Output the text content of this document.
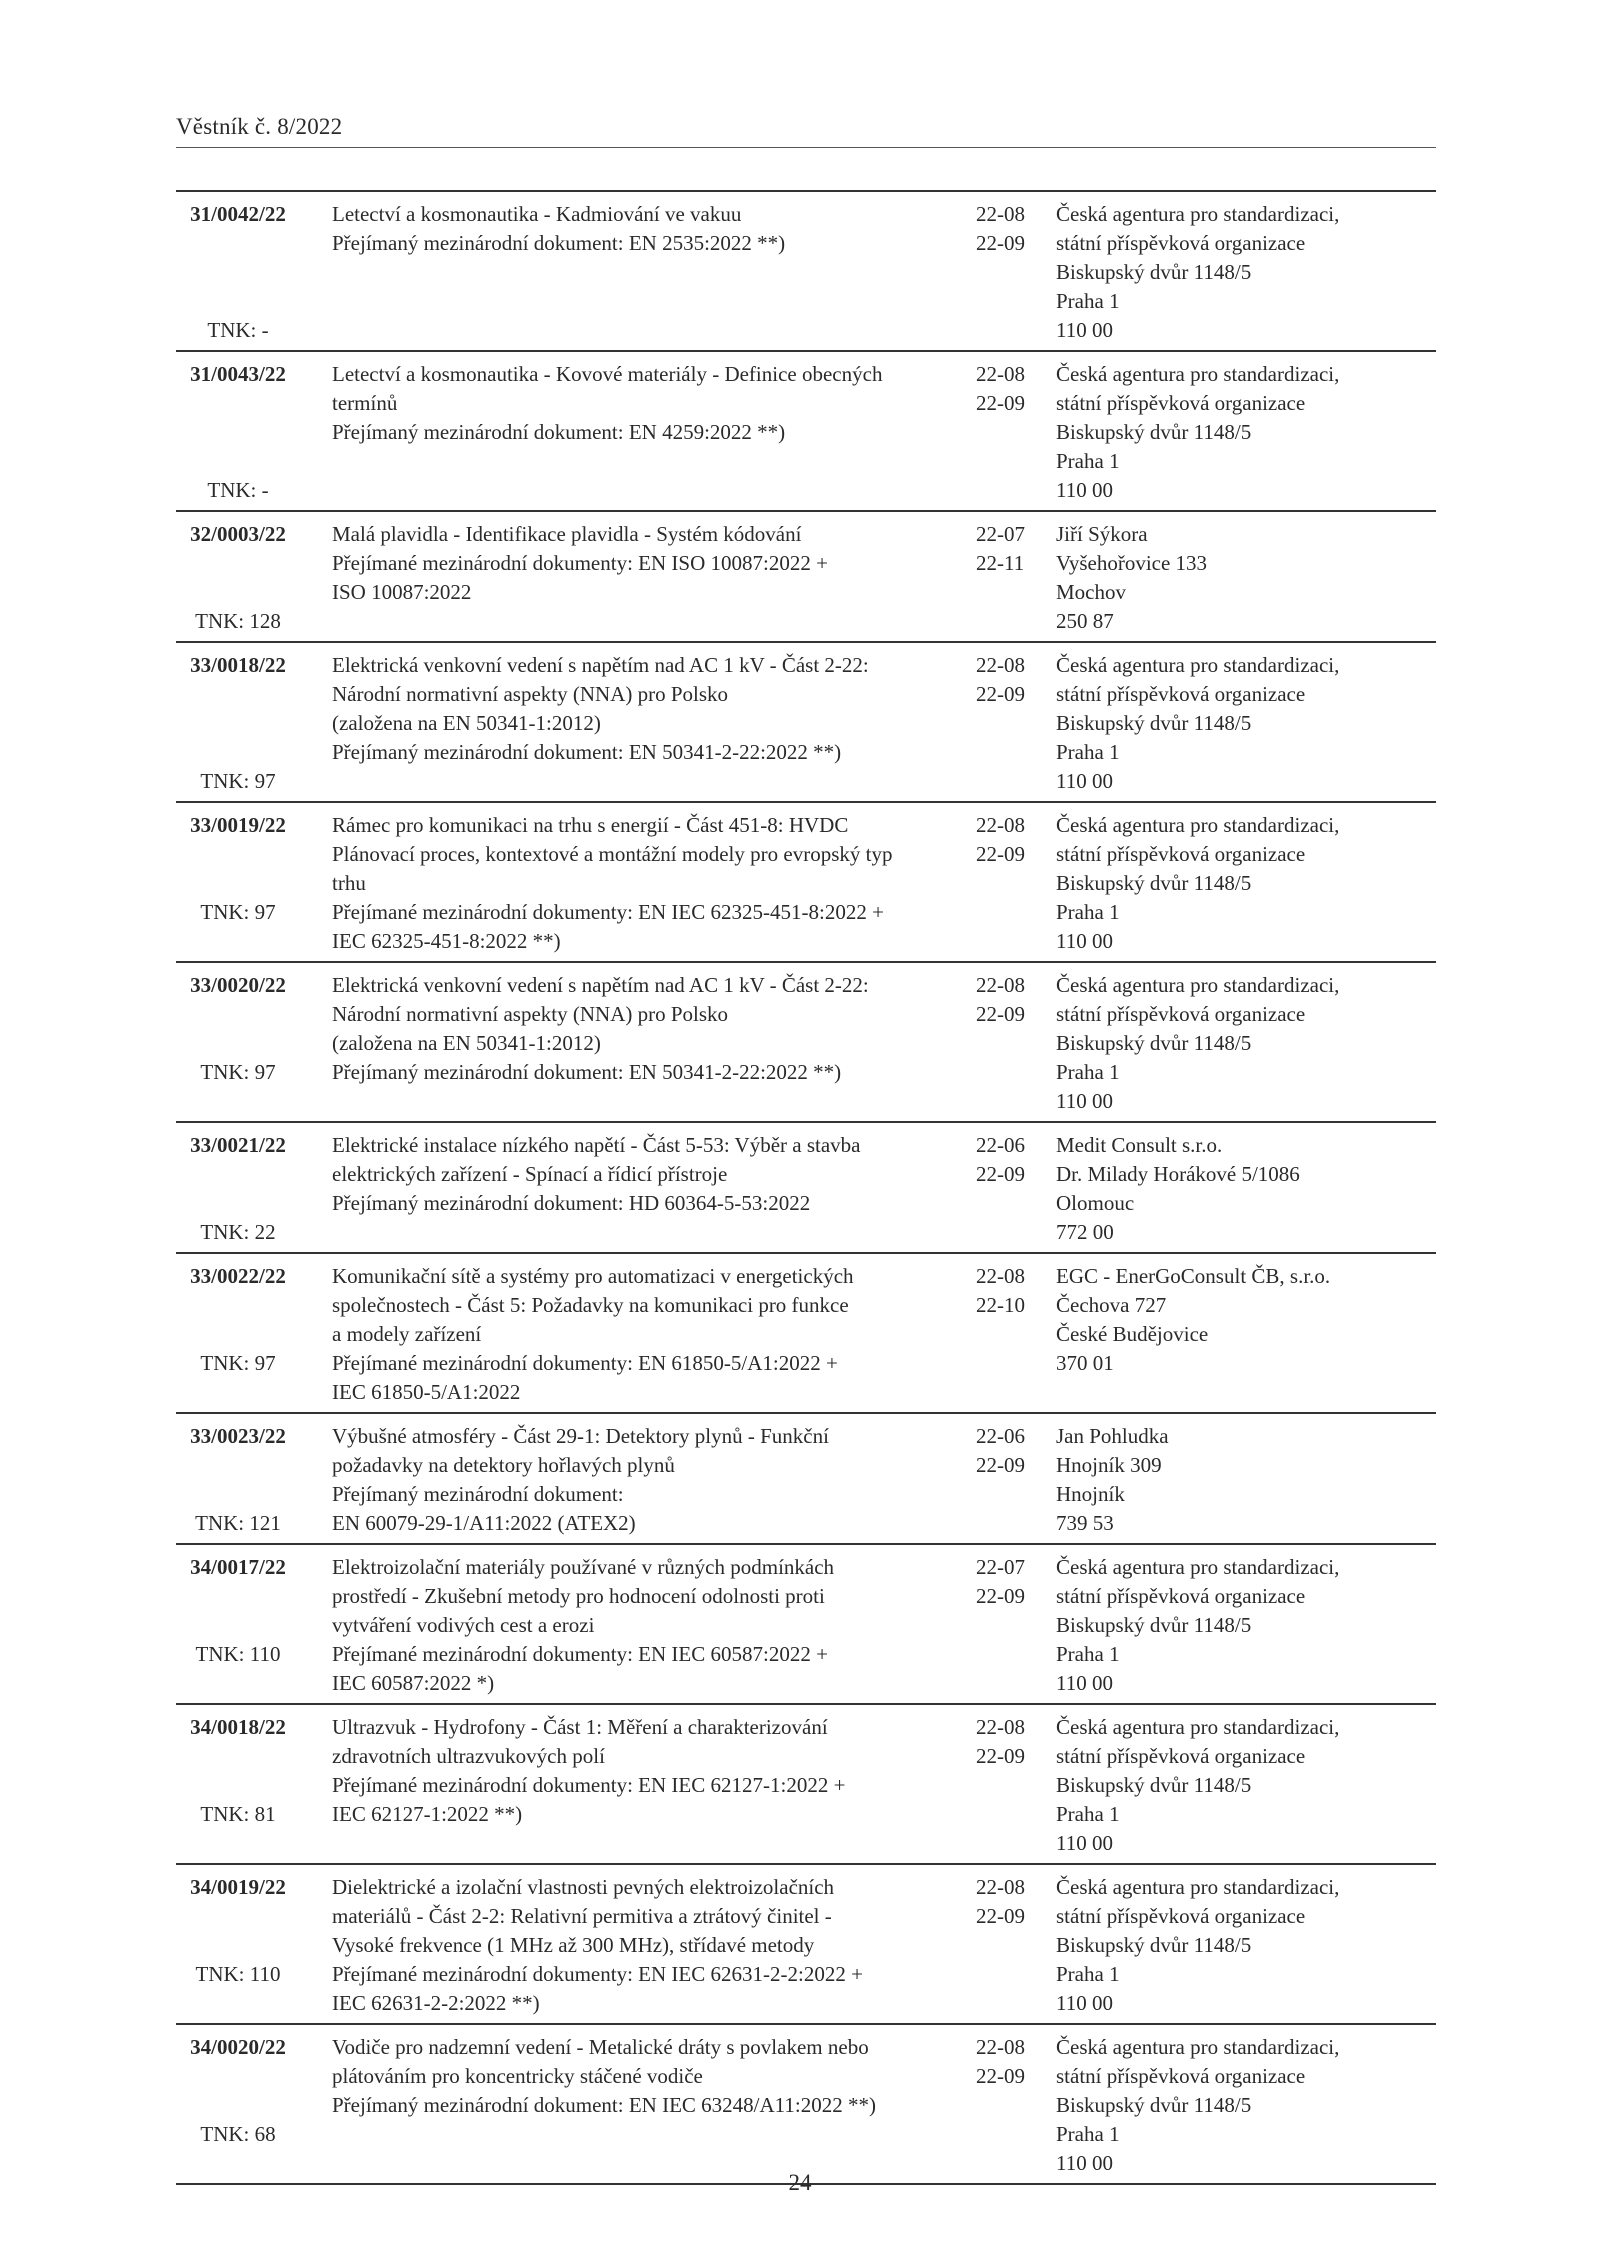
Věstník č. 8/2022
31/0042/22
TNK: -
Letectví a kosmonautika - Kadmiování ve vakuu
Přejímaný mezinárodní dokument: EN 2535:2022 **)
22-08
22-09
Česká agentura pro standardizaci,
státní příspěvková organizace
Biskupský dvůr 1148/5
Praha 1
110 00
31/0043/22
TNK: -
Letectví a kosmonautika - Kovové materiály - Definice obecných
termínů
Přejímaný mezinárodní dokument: EN 4259:2022 **)
22-08
22-09
Česká agentura pro standardizaci,
státní příspěvková organizace
Biskupský dvůr 1148/5
Praha 1
110 00
32/0003/22
TNK: 128
Malá plavidla - Identifikace plavidla - Systém kódování
Přejímané mezinárodní dokumenty: EN ISO 10087:2022 +
ISO 10087:2022
22-07
22-11
Jiří Sýkora
Vyšehořovice 133
Mochov
250 87
33/0018/22
TNK: 97
Elektrická venkovní vedení s napětím nad AC 1 kV - Část 2-22:
Národní normativní aspekty (NNA) pro Polsko
(založena na EN 50341-1:2012)
Přejímaný mezinárodní dokument: EN 50341-2-22:2022 **)
22-08
22-09
Česká agentura pro standardizaci,
státní příspěvková organizace
Biskupský dvůr 1148/5
Praha 1
110 00
33/0019/22
TNK: 97
Rámec pro komunikaci na trhu s energií - Část 451-8: HVDC
Plánovací proces, kontextové a montážní modely pro evropský typ
trhu
Přejímané mezinárodní dokumenty: EN IEC 62325-451-8:2022 +
IEC 62325-451-8:2022 **)
22-08
22-09
Česká agentura pro standardizaci,
státní příspěvková organizace
Biskupský dvůr 1148/5
Praha 1
110 00
33/0020/22
TNK: 97
Elektrická venkovní vedení s napětím nad AC 1 kV - Část 2-22:
Národní normativní aspekty (NNA) pro Polsko
(založena na EN 50341-1:2012)
Přejímaný mezinárodní dokument: EN 50341-2-22:2022 **)
22-08
22-09
Česká agentura pro standardizaci,
státní příspěvková organizace
Biskupský dvůr 1148/5
Praha 1
110 00
33/0021/22
TNK: 22
Elektrické instalace nízkého napětí - Část 5-53: Výběr a stavba
elektrických zařízení - Spínací a řídicí přístroje
Přejímaný mezinárodní dokument: HD 60364-5-53:2022
22-06
22-09
Medit Consult s.r.o.
Dr. Milady Horákové 5/1086
Olomouc
772 00
33/0022/22
TNK: 97
Komunikační sítě a systémy pro automatizaci v energetických
společnostech - Část 5: Požadavky na komunikaci pro funkce
a modely zařízení
Přejímané mezinárodní dokumenty: EN 61850-5/A1:2022 +
IEC 61850-5/A1:2022
22-08
22-10
EGC - EnerGoConsult ČB, s.r.o.
Čechova 727
České Budějovice
370 01
33/0023/22
TNK: 121
Výbušné atmosféry - Část 29-1: Detektory plynů - Funkční
požadavky na detektory hořlavých plynů
Přejímaný mezinárodní dokument:
EN 60079-29-1/A11:2022 (ATEX2)
22-06
22-09
Jan Pohludka
Hnojník 309
Hnojník
739 53
34/0017/22
TNK: 110
Elektroizolační materiály používané v různých podmínkách
prostředí - Zkušební metody pro hodnocení odolnosti proti
vytváření vodivých cest a erozi
Přejímané mezinárodní dokumenty: EN IEC 60587:2022 +
IEC 60587:2022 *)
22-07
22-09
Česká agentura pro standardizaci,
státní příspěvková organizace
Biskupský dvůr 1148/5
Praha 1
110 00
34/0018/22
TNK: 81
Ultrazvuk - Hydrofony - Část 1: Měření a charakterizování
zdravotních ultrazvukových polí
Přejímané mezinárodní dokumenty: EN IEC 62127-1:2022 +
IEC 62127-1:2022 **)
22-08
22-09
Česká agentura pro standardizaci,
státní příspěvková organizace
Biskupský dvůr 1148/5
Praha 1
110 00
34/0019/22
TNK: 110
Dielektrické a izolační vlastnosti pevných elektroizolačních
materiálů - Část 2-2: Relativní permitiva a ztrátový činitel -
Vysoké frekvence (1 MHz až 300 MHz), střídavé metody
Přejímané mezinárodní dokumenty: EN IEC 62631-2-2:2022 +
IEC 62631-2-2:2022 **)
22-08
22-09
Česká agentura pro standardizaci,
státní příspěvková organizace
Biskupský dvůr 1148/5
Praha 1
110 00
34/0020/22
TNK: 68
Vodiče pro nadzemní vedení - Metalické dráty s povlakem nebo
plátováním pro koncentricky stáčené vodiče
Přejímaný mezinárodní dokument: EN IEC 63248/A11:2022 **)
22-08
22-09
Česká agentura pro standardizaci,
státní příspěvková organizace
Biskupský dvůr 1148/5
Praha 1
110 00
24
